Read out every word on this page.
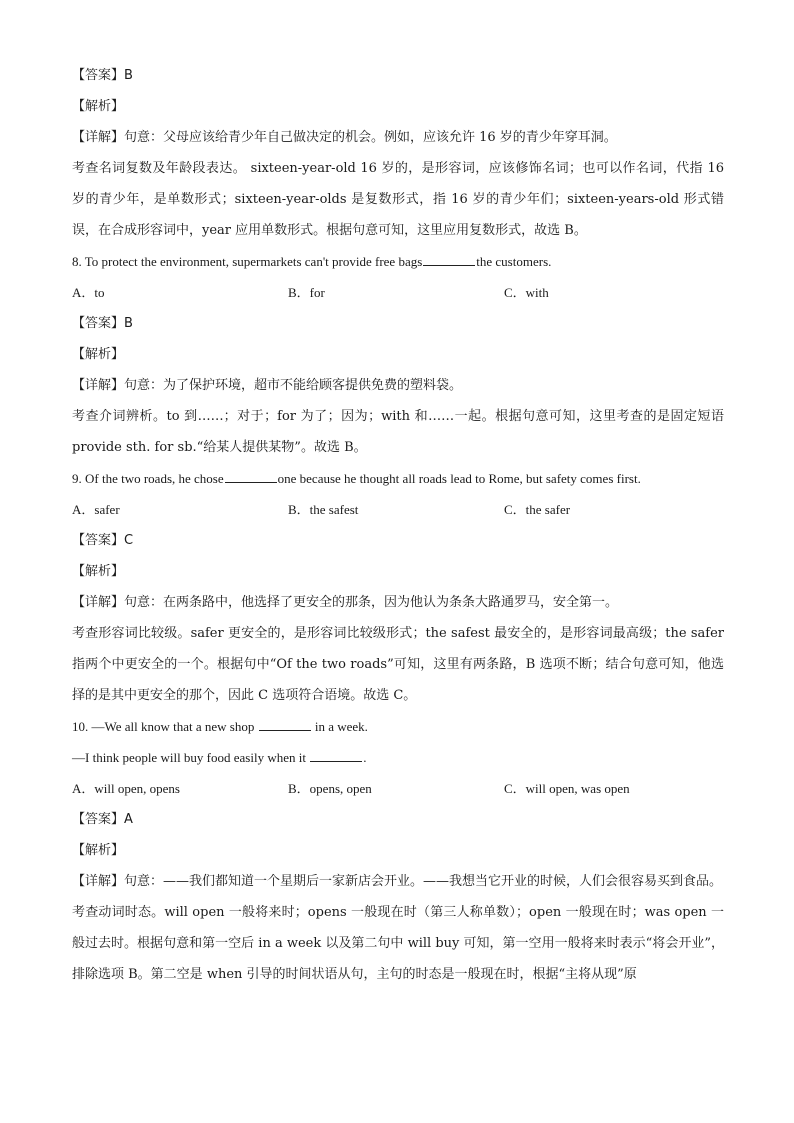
【答案】B
【解析】
【详解】句意：父母应该给青少年自己做决定的机会。例如，应该允许 16 岁的青少年穿耳洞。
考查名词复数及年龄段表达。 sixteen-year-old 16 岁的，是形容词，应该修饰名词；也可以作名词，代指 16 岁的青少年，是单数形式；sixteen-year-olds 是复数形式，指 16 岁的青少年们；sixteen-years-old 形式错误，在合成形容词中，year 应用单数形式。根据句意可知，这里应用复数形式，故选 B。
8. To protect the environment, supermarkets can't provide free bags	the customers.
A．to	B．for	C．with
【答案】B
【解析】
【详解】句意：为了保护环境，超市不能给顾客提供免费的塑料袋。
考查介词辨析。to 到……；对于；for 为了；因为；with 和……一起。根据句意可知，这里考查的是固定短语 provide sth. for sb.“给某人提供某物”。故选 B。
9. Of the two roads, he chose	one because he thought all roads lead to Rome, but safety comes first.
A．safer	B．the safest	C．the safer
【答案】C
【解析】
【详解】句意：在两条路中，他选择了更安全的那条，因为他认为条条大路通罗马，安全第一。
考查形容词比较级。safer 更安全的，是形容词比较级形式；the safest 最安全的，是形容词最高级；the safer 指两个中更安全的一个。根据句中“Of the two roads”可知，这里有两条路，B 选项不断；结合句意可知，他选择的是其中更安全的那个，因此 C 选项符合语境。故选 C。
10. —We all know that a new shop	in a week.
—I think people will buy food easily when it	.
A．will open, opens	B．opens, open	C．will open, was open
【答案】A
【解析】
【详解】句意：——我们都知道一个星期后一家新店会开业。——我想当它开业的时候，人们会很容易买到食品。
考查动词时态。will open 一般将来时；opens 一般现在时（第三人称单数）；open 一般现在时；was open 一般过去时。根据句意和第一空后 in a week 以及第二句中 will buy 可知，第一空用一般将来时表示“将会开业”，排除选项 B。第二空是 when 引导的时间状语从句，主句的时态是一般现在时，根据“主将从现”原
